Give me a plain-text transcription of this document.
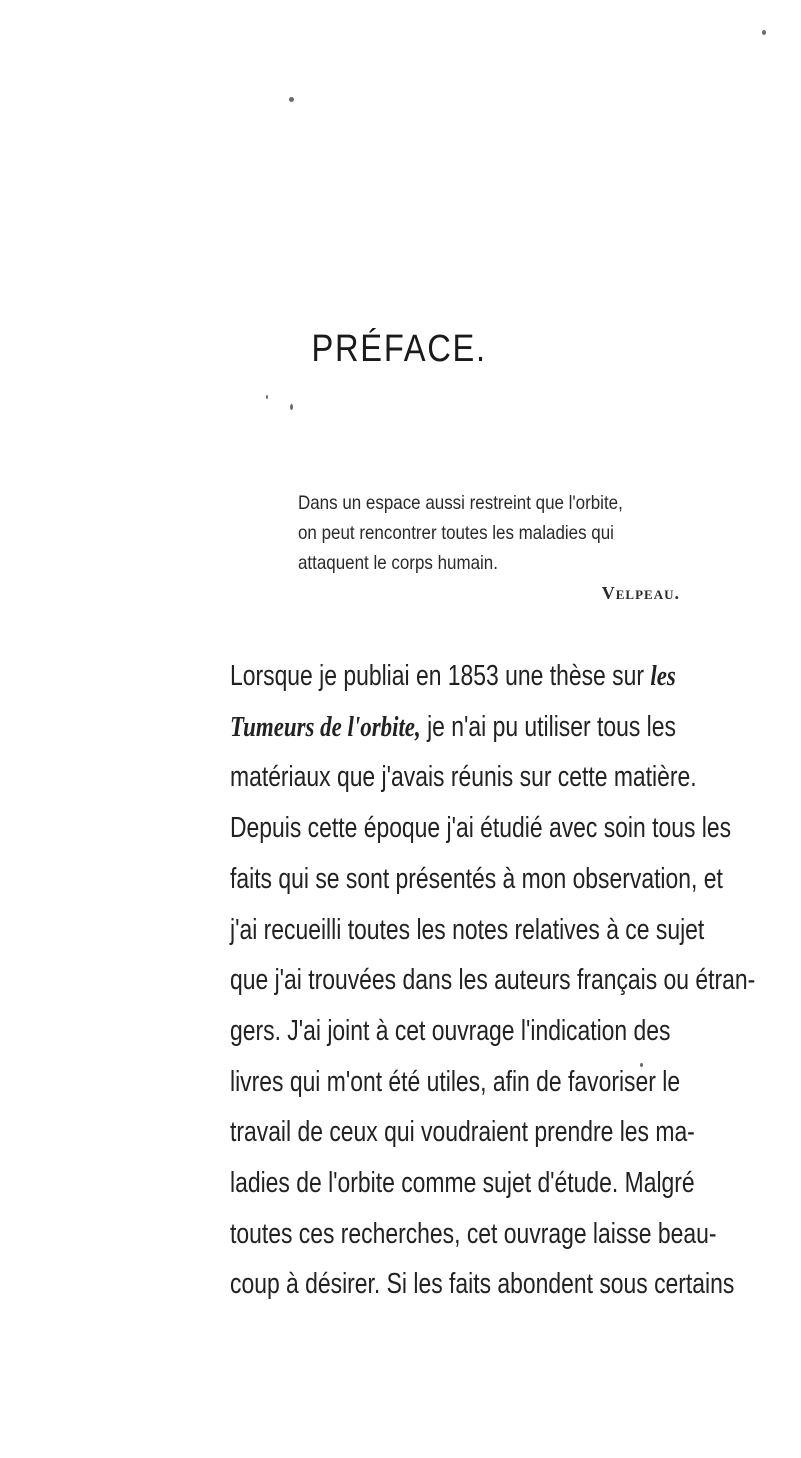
PRÉFACE.
Dans un espace aussi restreint que l'orbite,
on peut rencontrer toutes les maladies qui
attaquent le corps humain.
Velpeau.
Lorsque je publiai en 1853 une thèse sur les
Tumeurs de l'orbite, je n'ai pu utiliser tous les
matériaux que j'avais réunis sur cette matière.
Depuis cette époque j'ai étudié avec soin tous les
faits qui se sont présentés à mon observation, et
j'ai recueilli toutes les notes relatives à ce sujet
que j'ai trouvées dans les auteurs français ou étran-
gers. J'ai joint à cet ouvrage l'indication des
livres qui m'ont été utiles, afin de favoriser le
travail de ceux qui voudraient prendre les ma-
ladies de l'orbite comme sujet d'étude. Malgré
toutes ces recherches, cet ouvrage laisse beau-
coup à désirer. Si les faits abondent sous certains
